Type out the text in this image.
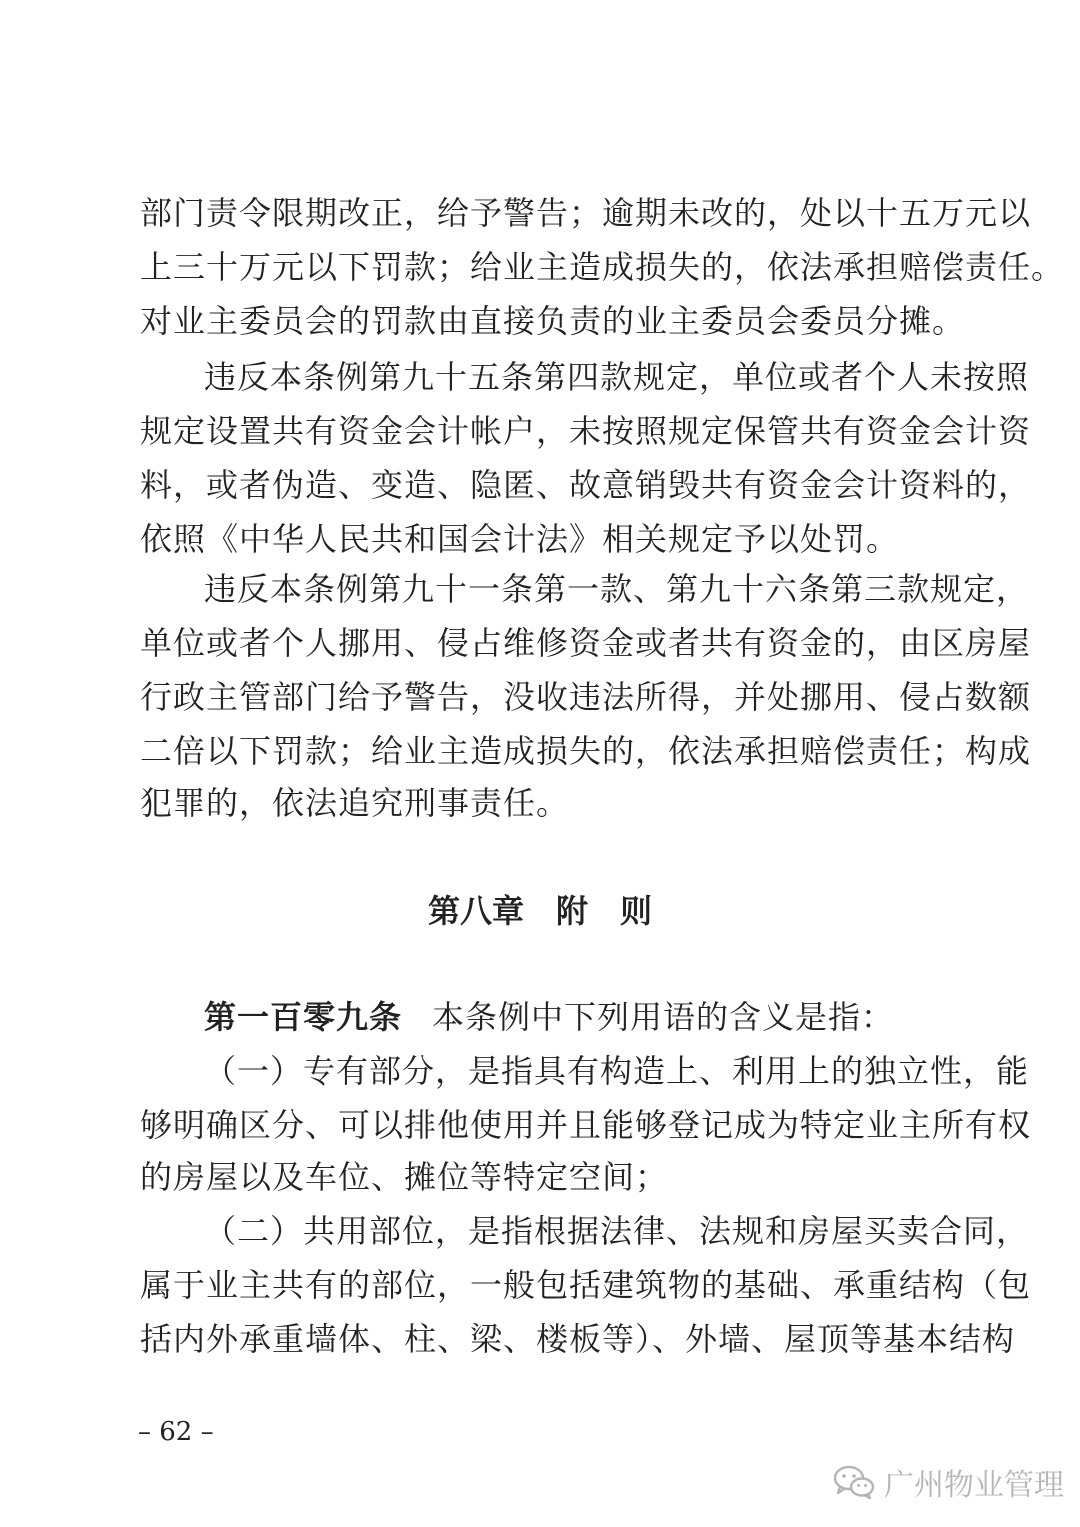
部门责令限期改正，给予警告；逾期未改的，处以十五万元以
上三十万元以下罚款；给业主造成损失的，依法承担赔偿责任。
对业主委员会的罚款由直接负责的业主委员会委员分摊。
违反本条例第九十五条第四款规定，单位或者个人未按照
规定设置共有资金会计帐户，未按照规定保管共有资金会计资
料，或者伪造、变造、隐匿、故意销毁共有资金会计资料的，
依照《中华人民共和国会计法》相关规定予以处罚。
违反本条例第九十一条第一款、第九十六条第三款规定，
单位或者个人挪用、侵占维修资金或者共有资金的，由区房屋
行政主管部门给予警告，没收违法所得，并处挪用、侵占数额
二倍以下罚款；给业主造成损失的，依法承担赔偿责任；构成
犯罪的，依法追究刑事责任。
第八章　附　则
第一百零九条 本条例中下列用语的含义是指：
（一）专有部分，是指具有构造上、利用上的独立性，能
够明确区分、可以排他使用并且能够登记成为特定业主所有权
的房屋以及车位、摊位等特定空间；
（二）共用部位，是指根据法律、法规和房屋买卖合同，
属于业主共有的部位，一般包括建筑物的基础、承重结构（包
括内外承重墙体、柱、梁、楼板等）、外墙、屋顶等基本结构
– 62 –
广州物业管理
